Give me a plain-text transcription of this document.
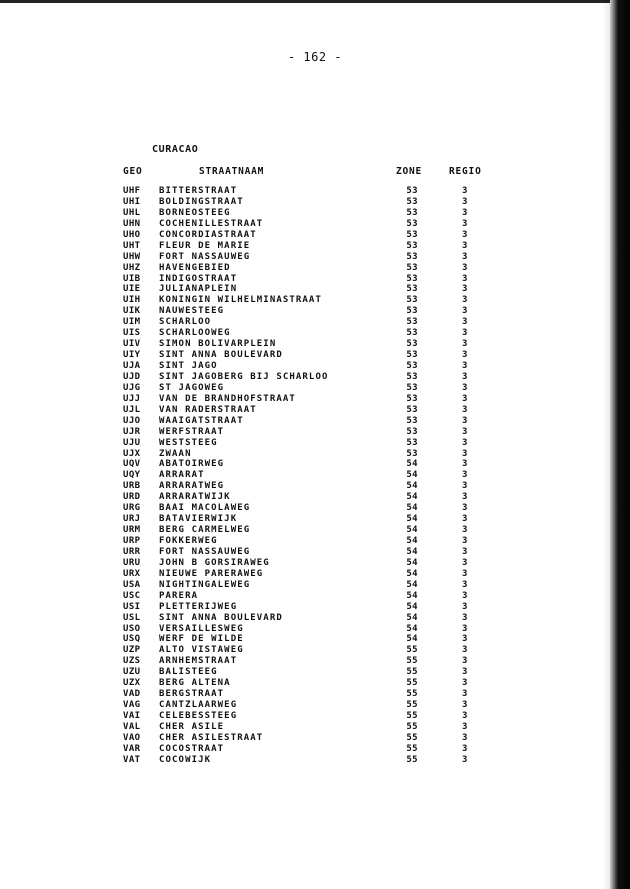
- 162 -
CURACAO
GEO	STRAATNAAM	ZONE	REGIO
UHF BITTERSTRAAT	53	3
UHI BOLDINGSTRAAT	53	3
UHL BORNEOSTEEG	53	3
UHN COCHENILLESTRAAT	53	3
UHO CONCORDIASTRAAT	53	3
UHT FLEUR DE MARIE	53	3
UHW FORT NASSAUWEG	53	3
UHZ HAVENGEBIED	53	3
UIB INDIGOSTRAAT	53	3
UIE JULIANAPLEIN	53	3
UIH KONINGIN WILHELMINASTRAAT	53	3
UIK NAUWESTEEG	53	3
UIM SCHARLOO	53	3
UIS SCHARLOOWEG	53	3
UIV SIMON BOLIVARPLEIN	53	3
UIY SINT ANNA BOULEVARD	53	3
UJA SINT JAGO	53	3
UJD SINT JAGOBERG BIJ SCHARLOO	53	3
UJG ST JAGOWEG	53	3
UJJ VAN DE BRANDHOFSTRAAT	53	3
UJL VAN RADERSTRAAT	53	3
UJO WAAIGATSTRAAT	53	3
UJR WERFSTRAAT	53	3
UJU WESTSTEEG	53	3
UJX ZWAAN	53	3
UQV ABATOIRWEG	54	3
UQY ARRARAT	54	3
URB ARRARATWEG	54	3
URD ARRARATWIJK	54	3
URG BAAI MACOLAWEG	54	3
URJ BATAVIERWIJK	54	3
URM BERG CARMELWEG	54	3
URP FOKKERWEG	54	3
URR FORT NASSAUWEG	54	3
URU JOHN B GORSIRAWEG	54	3
URX NIEUWE PARERAWEG	54	3
USA NIGHTINGALEWEG	54	3
USC PARERA	54	3
USI PLETTERIJWEG	54	3
USL SINT ANNA BOULEVARD	54	3
USO VERSAILLESWEG	54	3
USQ WERF DE WILDE	54	3
UZP ALTO VISTAWEG	55	3
UZS ARNHEMSTRAAT	55	3
UZU BALISTEEG	55	3
UZX BERG ALTENA	55	3
VAD BERGSTRAAT	55	3
VAG CANTZLAARWEG	55	3
VAI CELEBESSTEEG	55	3
VAL CHER ASILE	55	3
VAO CHER ASILESTRAAT	55	3
VAR COCOSTRAAT	55	3
VAT COCOWIJK	55	3
